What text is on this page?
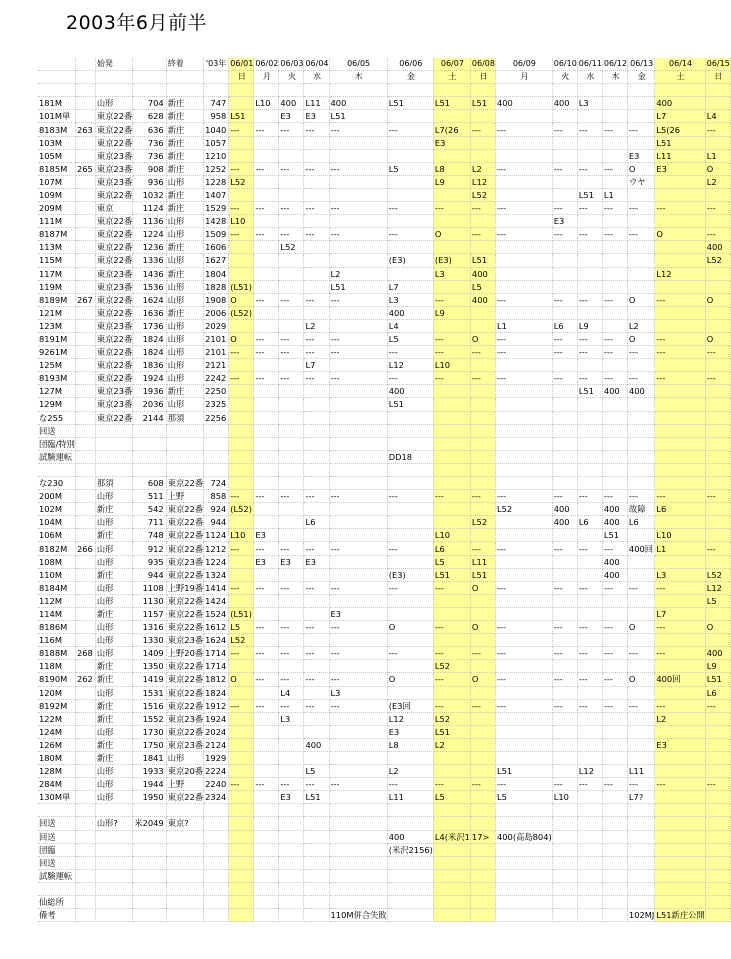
2003年6月前半
		始発		終着	'03年	06/01	06/02	06/03	06/04	06/05	06/06	06/07	06/08	06/09	06/10	06/11	06/12	06/13	06/14	06/15
						日	月	火	水	木	金	土	日	月	火	水	木	金	土	日

181M		山形	704	新庄	747		L10	400	L11	400	L51	L51	L51	400	400	L3			400	
101M単		東京22番	628	新庄	958	L51		E3	E3	L51									L7	L4
8183M	263	東京22番	636	新庄	1040	---	---	---	---	---	---	L7(26	---	---	---	---	---	---	L5(26	---
103M		東京22番	736	新庄	1057							E3							L51	
105M		東京23番	736	新庄	1210													E3	L11	L1
8185M	265	東京23番	908	新庄	1252	---	---	---	---	---	L5	L8	L2	---	---	---	---	O	E3	O
107M		東京23番	936	山形	1228	L52						L9	L12					ウヤ		L2
109M		東京22番	1032	新庄	1407								L52			L51	L1			
209M		東京	1124	新庄	1529	---	---	---	---	---	---	---	---	---	---	---	---	---	---	---
111M		東京22番	1136	山形	1428	L10									E3					
8187M		東京22番	1224	山形	1509	---	---	---	---	---	---	O	---	---	---	---	---	---	O	---
113M		東京22番	1236	新庄	1606			L52												400
115M		東京22番	1336	山形	1627						(E3)	(E3)	L51							L52
117M		東京23番	1436	新庄	1804					L2		L3	400						L12	
119M		東京23番	1536	山形	1828	(L51)				L51	L7		L5							
8189M	267	東京22番	1624	山形	1908	O	---	---	---	---	L3	---	400	---	---	---	---	O	---	O
121M		東京22番	1636	新庄	2006	(L52)					400	L9								
123M		東京23番	1736	山形	2029				L2		L4			L1	L6	L9		L2		
8191M		東京22番	1824	山形	2101	O	---	---	---	---	L5	---	O	---	---	---	---	O	---	O
9261M		東京22番	1824	山形	2101	---	---	---	---	---	---	---	---	---	---	---	---	---	---	---
125M		東京22番	1836	山形	2121				L7		L12	L10								
8193M		東京22番	1924	山形	2242	---	---	---	---	---	---	---	---	---	---	---	---	---	---	---
127M		東京23番	1936	新庄	2250						400					L51	400	400		
129M		東京23番	2036	山形	2325						L51									
な255		東京22番	2144	那須	2256															
回送																				
団臨/特別																				
試験運転											DD18									

な230		那須	608	東京22番	724															
200M		山形	511	上野	858	---	---	---	---	---	---	---	---	---	---	---	---	---	---	---
102M		新庄	542	東京22番	924	(L52)								L52	400		400	故障	L6	
104M		山形	711	東京22番	944				L6				L52		400	L6	400	L6		
106M		新庄	748	東京22番	1124	L10	E3					L10					L51		L10	
8182M	266	山形	912	東京22番	1212	---	---	---	---	---	---	L6	---	---	---	---	---	400回	L1	---
108M		山形	935	東京23番	1224		E3	E3	E3			L5	L11				400			
110M		新庄	944	東京22番	1324						(E3)	L51	L51				400		L3	L52
8184M		山形	1108	上野19番	1414	---	---	---	---	---	---	---	O	---	---	---	---	---	---	L12
112M		山形	1130	東京22番	1424															L5
114M		新庄	1157	東京22番	1524	(L51)				E3									L7	
8186M		山形	1316	東京22番	1612	L5	---	---	---	---	O	---	O	---	---	---	---	O	---	O
116M		山形	1330	東京23番	1624	L52														
8188M	268	山形	1409	上野20番	1714	---	---	---	---	---	---	---	---	---	---	---	---	---	---	400
118M		新庄	1350	東京22番	1714							L52								L9
8190M	262	新庄	1419	東京22番	1812	O	---	---	---	---	O	---	O	---	---	---	---	O	400回	L51
120M		山形	1531	東京22番	1824			L4		L3										L6
8192M		新庄	1516	東京22番	1912	---	---	---	---	---	(E3回	---	---	---	---	---	---	---	---	---
122M		新庄	1552	東京23番	1924			L3			L12	L52							L2	
124M		山形	1730	東京22番	2024						E3	L51								
126M		新庄	1750	東京23番	2124				400		L8	L2							E3	
180M		新庄	1841	山形	1929															
128M		山形	1933	東京20番	2224				L5		L2			L51		L12		L11		
284M		山形	1944	上野	2240	---	---	---	---	---	---	---	---	---	---	---	---	---	---	---
130M単		山形	1950	東京22番	2324			E3	L51		L11	L5		L5	L10			L7?		

回送		山形?	米2049	東京?																
回送											400	L4(米沢1	17>	400(高島804)						
団臨											(米沢2156)									
回送																				
試験運転																				

仙総所																				
備考										110M併合失敗								102MJ	L51新庄公開	
